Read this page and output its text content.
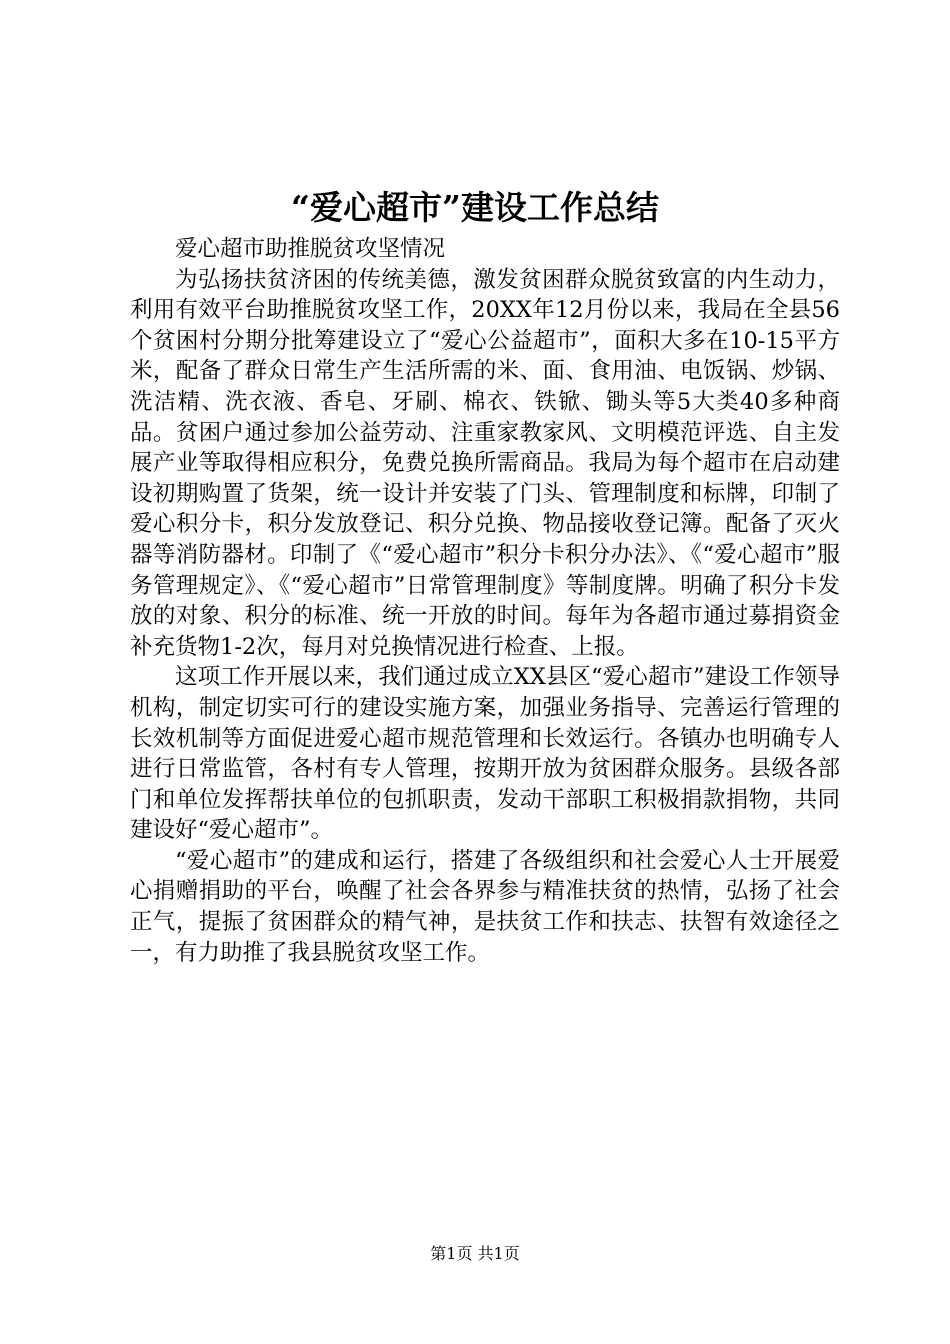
“爱心超市”建设工作总结

爱心超市助推脱贫攻坚情况

为弘扬扶贫济困的传统美德，激发贫困群众脱贫致富的内生动力，利用有效平台助推脱贫攻坚工作，20XX年12月份以来，我局在全县56个贫困村分期分批筹建设立了“爱心公益超市”，面积大多在10-15平方米，配备了群众日常生产生活所需的米、面、食用油、电饭锅、炒锅、洗洁精、洗衣液、香皂、牙刷、棉衣、铁锨、锄头等5大类40多种商品。贫困户通过参加公益劳动、注重家教家风、文明模范评选、自主发展产业等取得相应积分，免费兑换所需商品。我局为每个超市在启动建设初期购置了货架，统一设计并安装了门头、管理制度和标牌，印制了爱心积分卡，积分发放登记、积分兑换、物品接收登记簿。配备了灭火器等消防器材。印制了《“爱心超市”积分卡积分办法》、《“爱心超市”服务管理规定》、《“爱心超市”日常管理制度》等制度牌。明确了积分卡发放的对象、积分的标准、统一开放的时间。每年为各超市通过募捐资金补充货物1-2次，每月对兑换情况进行检查、上报。

这项工作开展以来，我们通过成立XX县区“爱心超市”建设工作领导机构，制定切实可行的建设实施方案，加强业务指导、完善运行管理的长效机制等方面促进爱心超市规范管理和长效运行。各镇办也明确专人进行日常监管，各村有专人管理，按期开放为贫困群众服务。县级各部门和单位发挥帮扶单位的包抓职责，发动干部职工积极捐款捐物，共同建设好“爱心超市”。

“爱心超市”的建成和运行，搭建了各级组织和社会爱心人士开展爱心捐赠捐助的平台，唤醒了社会各界参与精准扶贫的热情，弘扬了社会正气，提振了贫困群众的精气神，是扶贫工作和扶志、扶智有效途径之一，有力助推了我县脱贫攻坚工作。

第1页 共1页
